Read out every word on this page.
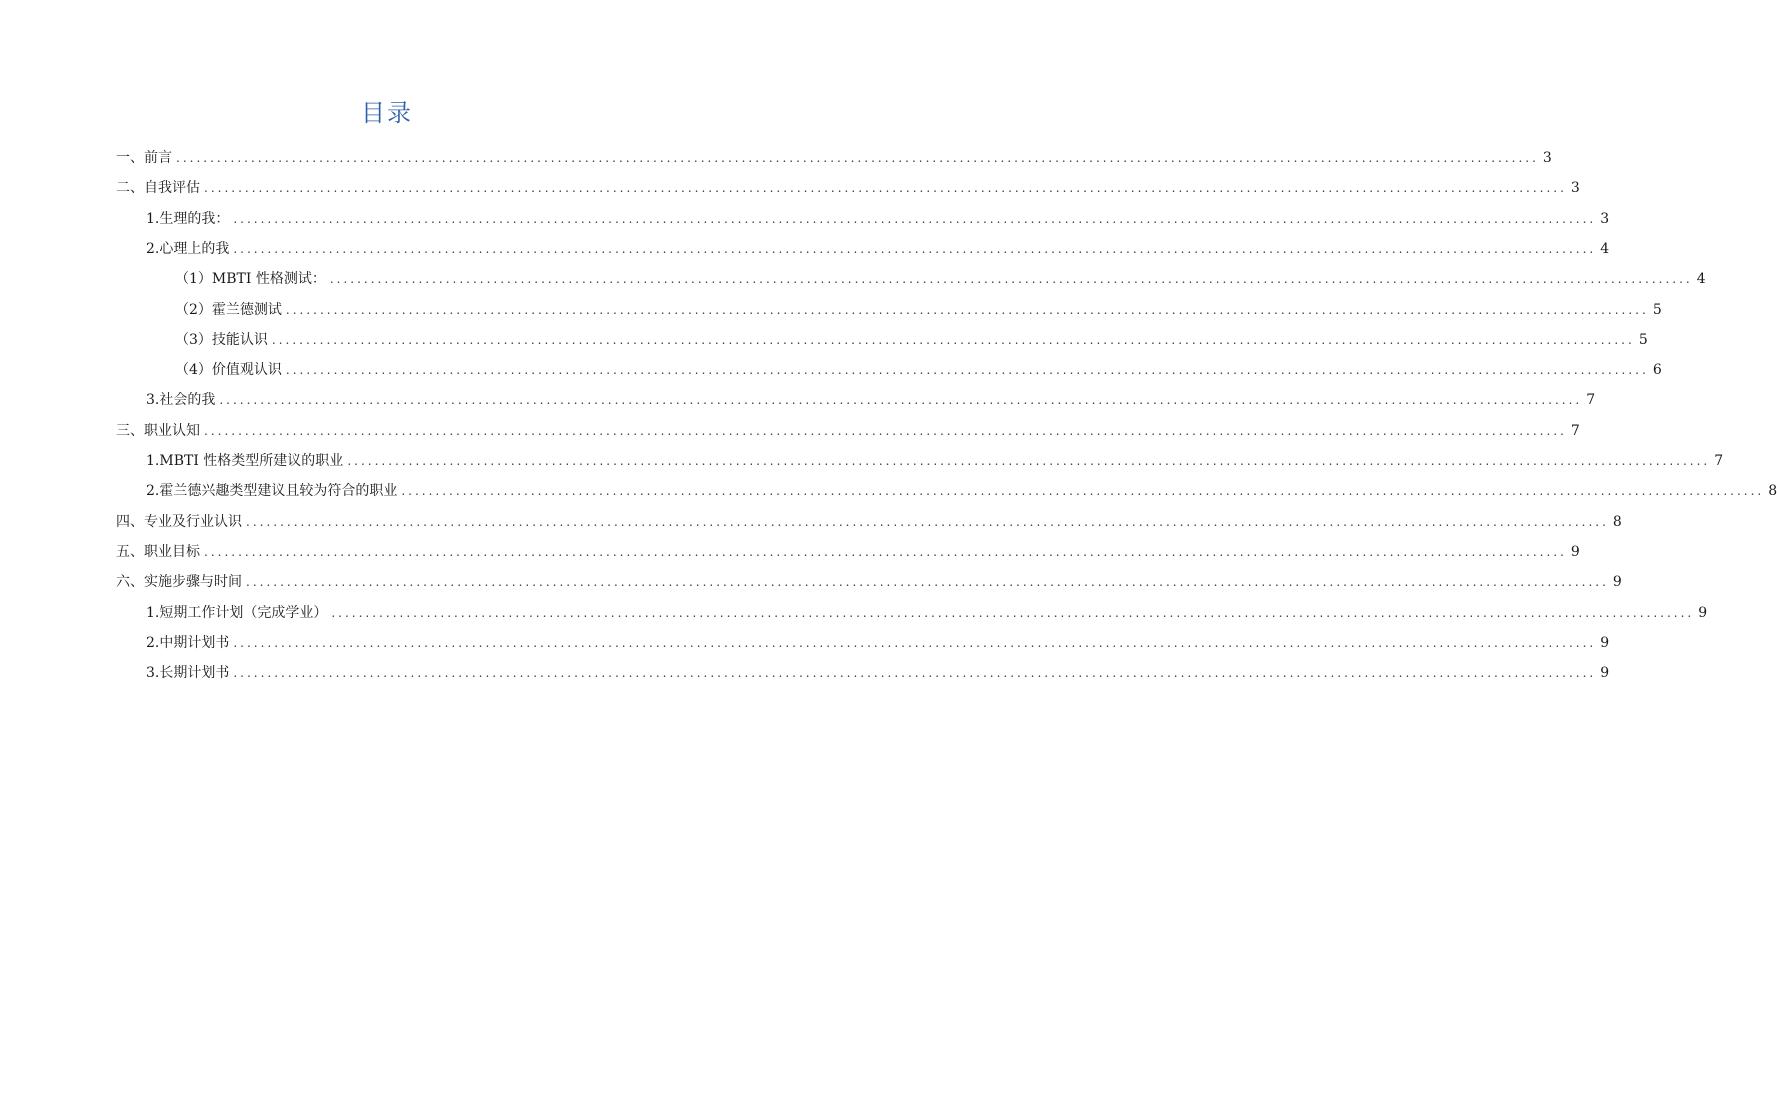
目录
一、前言 ........................................................................................................................................................................................................ 3
二、自我评估 ........................................................................................................................................................................................................ 3
1.生理的我： ........................................................................................................................................................................................................ 3
2.心理上的我 ........................................................................................................................................................................................................ 4
（1）MBTI 性格测试： ........................................................................................................................................................................................................ 4
（2）霍兰德测试 ........................................................................................................................................................................................................ 5
（3）技能认识 ........................................................................................................................................................................................................ 5
（4）价值观认识 ........................................................................................................................................................................................................ 6
3.社会的我 ........................................................................................................................................................................................................ 7
三、职业认知 ........................................................................................................................................................................................................ 7
1.MBTI 性格类型所建议的职业 ........................................................................................................................................................................................................ 7
2.霍兰德兴趣类型建议且较为符合的职业 ........................................................................................................................................................................................................ 8
四、专业及行业认识 ........................................................................................................................................................................................................ 8
五、职业目标 ........................................................................................................................................................................................................ 9
六、实施步骤与时间 ........................................................................................................................................................................................................ 9
1.短期工作计划（完成学业） ........................................................................................................................................................................................................ 9
2.中期计划书 ........................................................................................................................................................................................................ 9
3.长期计划书 ........................................................................................................................................................................................................ 9
